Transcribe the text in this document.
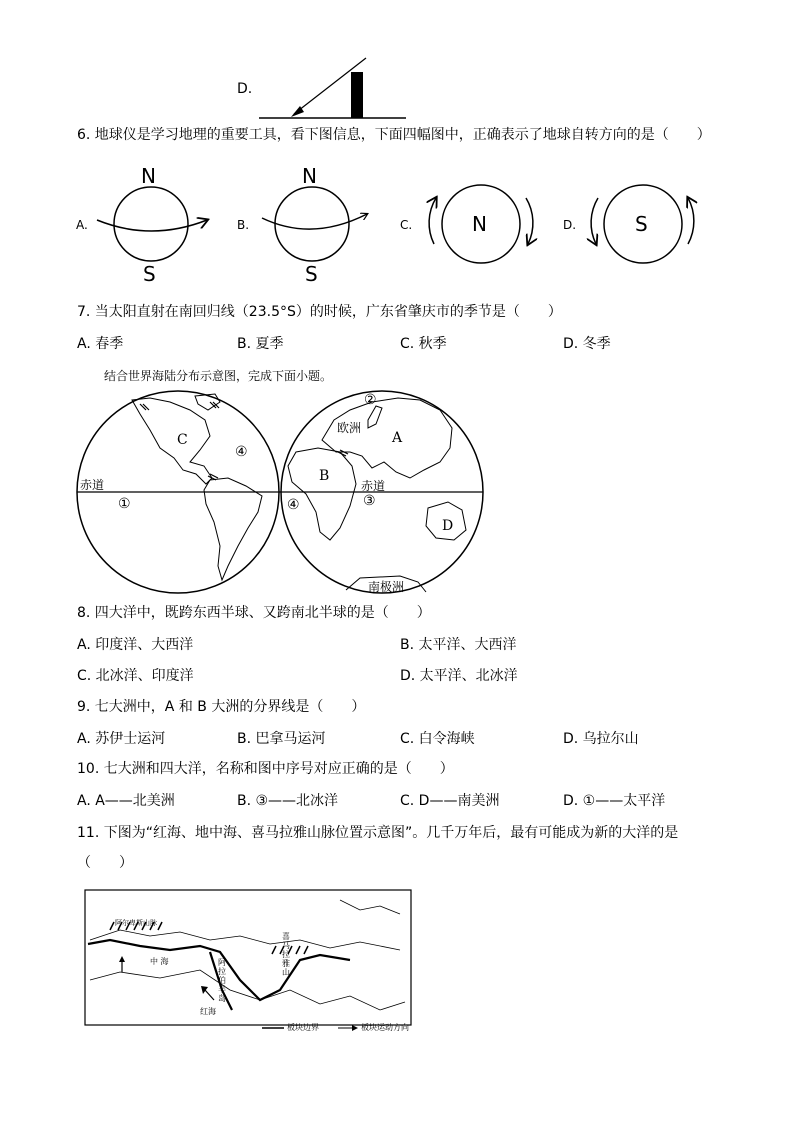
D.
6. 地球仪是学习地理的重要工具，看下图信息，下面四幅图中，正确表示了地球自转方向的是（　　）
A.	B.	C.	D.
N
S
N
S
N	S
7. 当太阳直射在南回归线（23.5°S）的时候，广东省肇庆市的季节是（　　）
A. 春季	B. 夏季	C. 秋季	D. 冬季
结合世界海陆分布示意图，完成下面小题。
C	A
B
D
①
②
③
④
④
赤道	赤道
欧洲
南极洲
8. 四大洋中，既跨东西半球、又跨南北半球的是（　　）
A. 印度洋、大西洋	B. 太平洋、大西洋
C. 北冰洋、印度洋	D. 太平洋、北冰洋
9. 七大洲中，A 和 B 大洲的分界线是（　　）
A. 苏伊士运河	B. 巴拿马运河	C. 白令海峡	D. 乌拉尔山
10. 七大洲和四大洋，名称和图中序号对应正确的是（　　）
A. A——北美洲	B. ③——北冰洋	C. D——南美洲	D. ①——太平洋
11. 下图为“红海、地中海、喜马拉雅山脉位置示意图”。几千万年后，最有可能成为新的大洋的是
（　　）
阿尔卑斯山脉
中 海	阿拉伯半岛
红海
喜马拉雅山
板块边界	板块运动方向
